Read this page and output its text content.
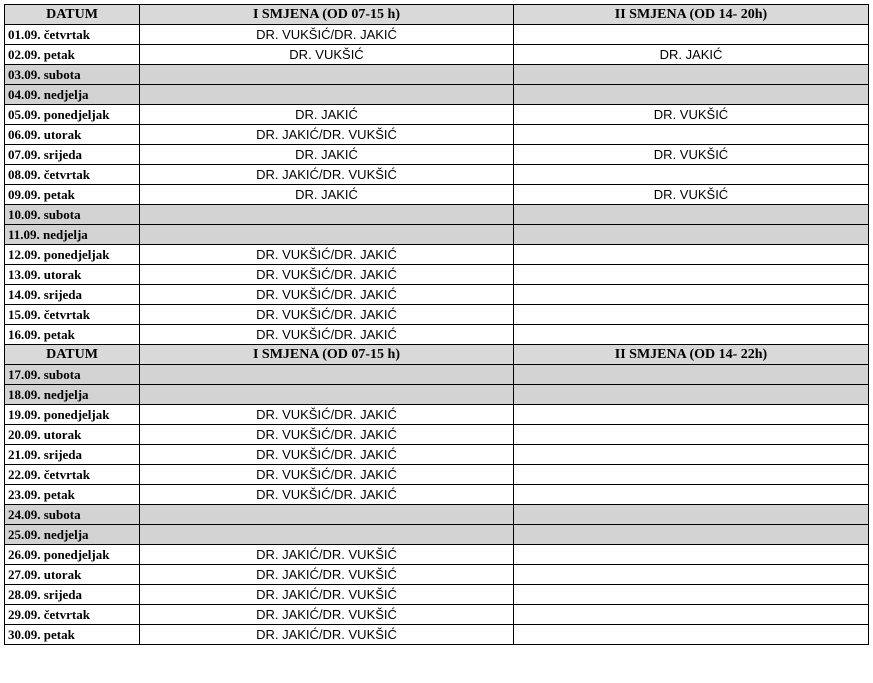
DATUM	I SMJENA (OD 07-15 h)	II SMJENA (OD 14- 20h)
01.09. četvrtak	DR. VUKŠIĆ/DR. JAKIĆ	
02.09. petak	DR. VUKŠIĆ	DR. JAKIĆ
03.09. subota		
04.09. nedjelja		
05.09. ponedjeljak	DR. JAKIĆ	DR. VUKŠIĆ
06.09. utorak	DR. JAKIĆ/DR. VUKŠIĆ	
07.09. srijeda	DR. JAKIĆ	DR. VUKŠIĆ
08.09. četvrtak	DR. JAKIĆ/DR. VUKŠIĆ	
09.09. petak	DR. JAKIĆ	DR. VUKŠIĆ
10.09. subota		
11.09. nedjelja		
12.09. ponedjeljak	DR. VUKŠIĆ/DR. JAKIĆ	
13.09. utorak	DR. VUKŠIĆ/DR. JAKIĆ	
14.09. srijeda	DR. VUKŠIĆ/DR. JAKIĆ	
15.09. četvrtak	DR. VUKŠIĆ/DR. JAKIĆ	
16.09. petak	DR. VUKŠIĆ/DR. JAKIĆ	
DATUM	I SMJENA (OD 07-15 h)	II SMJENA (OD 14- 22h)
17.09. subota		
18.09. nedjelja		
19.09. ponedjeljak	DR. VUKŠIĆ/DR. JAKIĆ	
20.09. utorak	DR. VUKŠIĆ/DR. JAKIĆ	
21.09. srijeda	DR. VUKŠIĆ/DR. JAKIĆ	
22.09. četvrtak	DR. VUKŠIĆ/DR. JAKIĆ	
23.09. petak	DR. VUKŠIĆ/DR. JAKIĆ	
24.09. subota		
25.09. nedjelja		
26.09. ponedjeljak	DR. JAKIĆ/DR. VUKŠIĆ	
27.09. utorak	DR. JAKIĆ/DR. VUKŠIĆ	
28.09. srijeda	DR. JAKIĆ/DR. VUKŠIĆ	
29.09. četvrtak	DR. JAKIĆ/DR. VUKŠIĆ	
30.09. petak	DR. JAKIĆ/DR. VUKŠIĆ	
